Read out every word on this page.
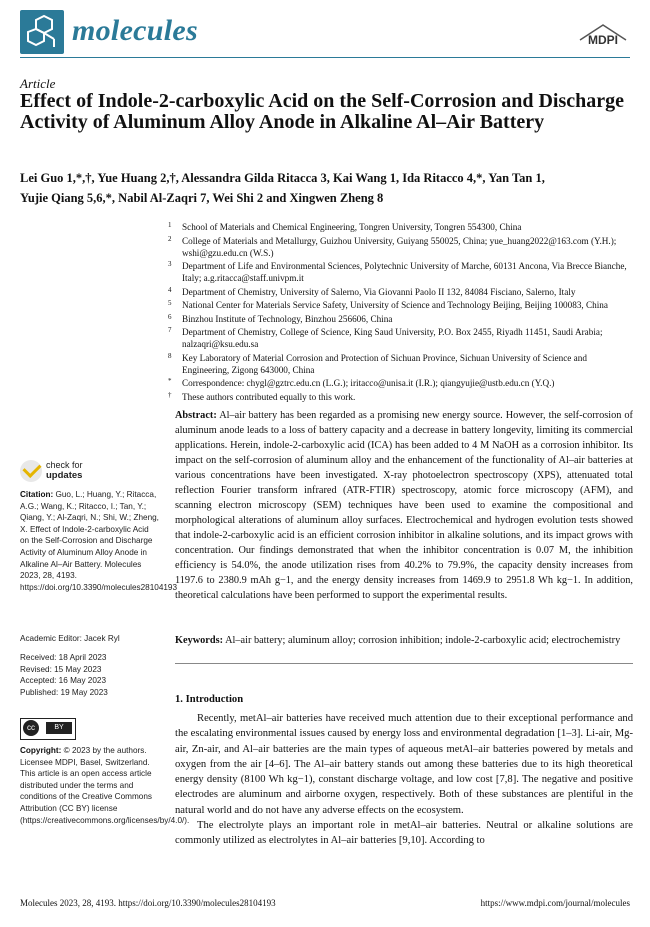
molecules	MDPI
Article
Effect of Indole-2-carboxylic Acid on the Self-Corrosion and Discharge Activity of Aluminum Alloy Anode in Alkaline Al–Air Battery
Lei Guo 1,*,†, Yue Huang 2,†, Alessandra Gilda Ritacca 3, Kai Wang 1, Ida Ritacco 4,*, Yan Tan 1,
Yujie Qiang 5,6,*, Nabil Al-Zaqri 7, Wei Shi 2 and Xingwen Zheng 8
1	School of Materials and Chemical Engineering, Tongren University, Tongren 554300, China
2	College of Materials and Metallurgy, Guizhou University, Guiyang 550025, China; yue_huang2022@163.com (Y.H.); wshi@gzu.edu.cn (W.S.)
3	Department of Life and Environmental Sciences, Polytechnic University of Marche, 60131 Ancona, Via Brecce Bianche, Italy; a.g.ritacca@staff.univpm.it
4	Department of Chemistry, University of Salerno, Via Giovanni Paolo II 132, 84084 Fisciano, Salerno, Italy
5	National Center for Materials Service Safety, University of Science and Technology Beijing, Beijing 100083, China
6	Binzhou Institute of Technology, Binzhou 256606, China
7	Department of Chemistry, College of Science, King Saud University, P.O. Box 2455, Riyadh 11451, Saudi Arabia; nalzaqri@ksu.edu.sa
8	Key Laboratory of Material Corrosion and Protection of Sichuan Province, Sichuan University of Science and Engineering, Zigong 643000, China
*	Correspondence: chygl@gztrc.edu.cn (L.G.); iritacco@unisa.it (I.R.); qiangyujie@ustb.edu.cn (Y.Q.)
†	These authors contributed equally to this work.
check for
updates
Citation: Guo, L.; Huang, Y.; Ritacca, A.G.; Wang, K.; Ritacco, I.; Tan, Y.; Qiang, Y.; Al-Zaqri, N.; Shi, W.; Zheng, X. Effect of Indole-2-carboxylic Acid on the Self-Corrosion and Discharge Activity of Aluminum Alloy Anode in Alkaline Al–Air Battery. Molecules 2023, 28, 4193. https://doi.org/10.3390/molecules28104193
Academic Editor: Jacek Ryl
Received: 18 April 2023
Revised: 15 May 2023
Accepted: 16 May 2023
Published: 19 May 2023
cc	BY
Copyright: © 2023 by the authors. Licensee MDPI, Basel, Switzerland. This article is an open access article distributed under the terms and conditions of the Creative Commons Attribution (CC BY) license (https://creativecommons.org/licenses/by/4.0/).
Abstract: Al–air battery has been regarded as a promising new energy source. However, the self-corrosion of aluminum anode leads to a loss of battery capacity and a decrease in battery longevity, limiting its commercial applications. Herein, indole-2-carboxylic acid (ICA) has been added to 4 M NaOH as a corrosion inhibitor. Its impact on the self-corrosion of aluminum alloy and the enhancement of the functionality of Al–air batteries at various concentrations have been investigated. X-ray photoelectron spectroscopy (XPS), attenuated total reflection Fourier transform infrared (ATR-FTIR) spectroscopy, atomic force microscopy (AFM), and scanning electron microscopy (SEM) techniques have been used to examine the compositional and morphological alterations of aluminum alloy surfaces. Electrochemical and hydrogen evolution tests showed that indole-2-carboxylic acid is an efficient corrosion inhibitor in alkaline solutions, and its impact grows with concentration. Our findings demonstrated that when the inhibitor concentration is 0.07 M, the inhibition efficiency is 54.0%, the anode utilization rises from 40.2% to 79.9%, the capacity density increases from 1197.6 to 2380.9 mAh g−1, and the energy density increases from 1469.9 to 2951.8 Wh kg−1. In addition, theoretical calculations have been performed to support the experimental results.
Keywords: Al–air battery; aluminum alloy; corrosion inhibition; indole-2-carboxylic acid; electrochemistry
1. Introduction

Recently, metAl–air batteries have received much attention due to their exceptional performance and the escalating environmental issues caused by energy loss and environmental degradation [1–3]. Li-air, Mg-air, Zn-air, and Al–air batteries are the main types of aqueous metAl–air batteries powered by metals and oxygen from the air [4–6]. The Al–air battery stands out among these batteries due to its high theoretical energy density (8100 Wh kg−1), constant discharge voltage, and low cost [7,8]. The negative and positive electrodes are aluminum and airborne oxygen, respectively. Both of these substances are plentiful in the natural world and do not have any adverse effects on the ecosystem.

The electrolyte plays an important role in metAl–air batteries. Neutral or alkaline solutions are commonly utilized as electrolytes in Al–air batteries [9,10]. According to

Molecules 2023, 28, 4193. https://doi.org/10.3390/molecules28104193	https://www.mdpi.com/journal/molecules
